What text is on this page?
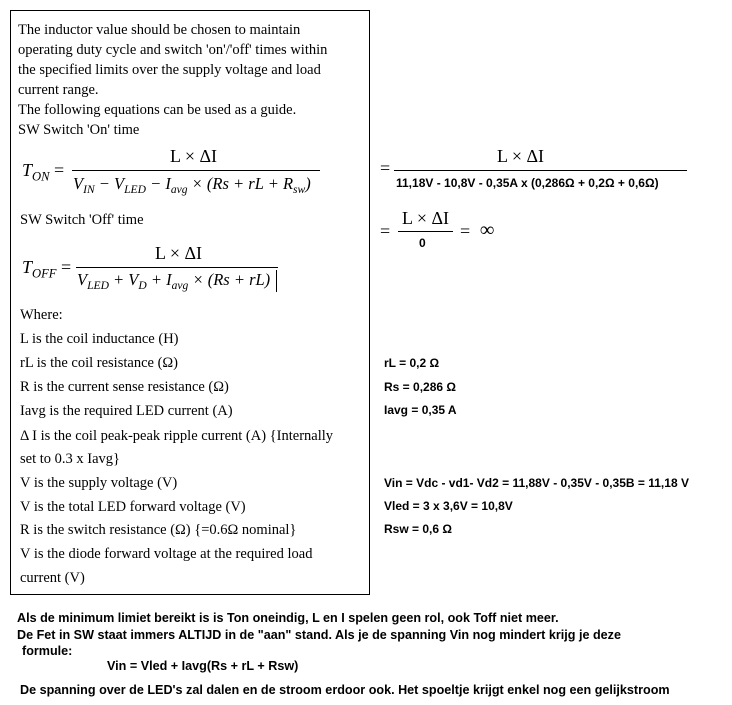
The inductor value should be chosen to maintain
operating duty cycle and switch 'on'/'off' times within
the specified limits over the supply voltage and load
current range.
The following equations can be used as a guide.
SW Switch 'On' time
$T_{ON}$ =
L × ΔI
$V_{IN} - V_{LED} - I_{avg} \times (Rs$ + rL + $R_{sw}$)
SW Switch 'Off' time
$T_{OFF}$ =
L × ΔI
$V_{LED} + V_D + I_{avg} \times (Rs + rL)$
Where:
L is the coil inductance (H)
rL is the coil resistance (Ω)
R is the current sense resistance (Ω)
Iavg is the required LED current (A)
Δ I is the coil peak-peak ripple current (A) {Internally
set to 0.3 x Iavg}
V is the supply voltage (V)
V is the total LED forward voltage (V)
R is the switch resistance (Ω) {=0.6Ω nominal}
V is the diode forward voltage at the required load
current (V)
=
L × ΔI
11,18V - 10,8V - 0,35A x (0,286Ω + 0,2Ω + 0,6Ω)
=
L × ΔI
0
= ∞
rL = 0,2 Ω
Rs = 0,286 Ω
Iavg = 0,35 A
Vin = Vdc - vd1- Vd2 = 11,88V - 0,35V - 0,35B = 11,18 V
Vled = 3 x 3,6V = 10,8V
Rsw = 0,6 Ω
Als de minimum limiet bereikt is is Ton oneindig, L en I spelen geen rol, ook Toff niet meer.
De Fet in SW staat immers ALTIJD in de "aan" stand. Als je de spanning Vin nog mindert krijg je deze
formule:
Vin = Vled + Iavg(Rs + rL + Rsw)
De spanning over de LED's zal dalen en de stroom erdoor ook. Het spoeltje krijgt enkel nog een gelijkstroom
